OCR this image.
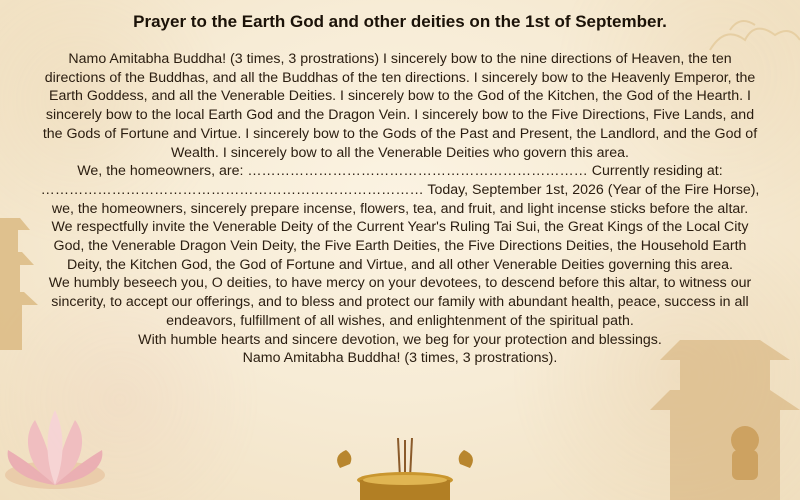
Prayer to the Earth God and other deities on the 1st of September.

Namo Amitabha Buddha! (3 times, 3 prostrations) I sincerely bow to the nine directions of Heaven, the ten directions of the Buddhas, and all the Buddhas of the ten directions. I sincerely bow to the Heavenly Emperor, the Earth Goddess, and all the Venerable Deities. I sincerely bow to the God of the Kitchen, the God of the Hearth. I sincerely bow to the local Earth God and the Dragon Vein. I sincerely bow to the Five Directions, Five Lands, and the Gods of Fortune and Virtue. I sincerely bow to the Gods of the Past and Present, the Landlord, and the God of Wealth. I sincerely bow to all the Venerable Deities who govern this area.

We, the homeowners, are: ……………………………………………………………… Currently residing at: ……………………………………………………………………… Today, September 1st, 2026 (Year of the Fire Horse), we, the homeowners, sincerely prepare incense, flowers, tea, and fruit, and light incense sticks before the altar. We respectfully invite the Venerable Deity of the Current Year's Ruling Tai Sui, the Great Kings of the Local City God, the Venerable Dragon Vein Deity, the Five Earth Deities, the Five Directions Deities, the Household Earth Deity, the Kitchen God, the God of Fortune and Virtue, and all other Venerable Deities governing this area.

We humbly beseech you, O deities, to have mercy on your devotees, to descend before this altar, to witness our sincerity, to accept our offerings, and to bless and protect our family with abundant health, peace, success in all endeavors, fulfillment of all wishes, and enlightenment of the spiritual path.

With humble hearts and sincere devotion, we beg for your protection and blessings.

Namo Amitabha Buddha! (3 times, 3 prostrations).
